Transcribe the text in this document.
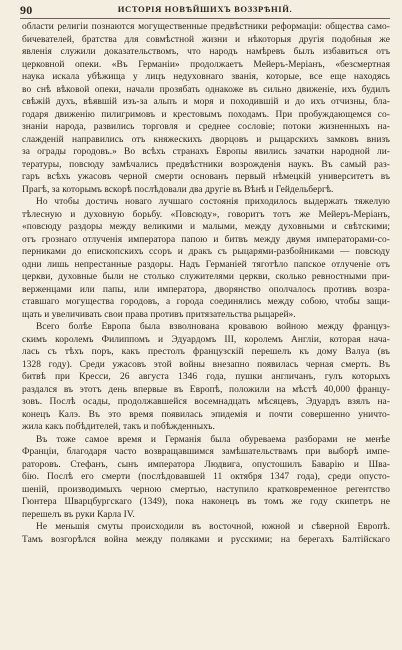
90	ИСТОРІЯ НОВѢЙШИХЪ ВОЗЗРѢНІЙ.

области религіи познаются могущественные предвѣстники реформаціи: общества само-

бичевателей, братства для совмѣстной жизни и нѣкоторыя другія подобныя же

явленія служили доказательствомъ, что народъ намѣревъ былъ избавиться отъ

церковной опеки. «Въ Германіи» продолжаетъ Мейеръ-Меріанъ, «безсмертная

наука искала убѣжища у лицъ недуховнаго званія, которые, все еще находясь

во снѣ вѣковой опеки, начали прозябать однакоже въ сильно движеніе, ихъ будилъ

свѣжій духъ, вѣявшій изъ-за альпъ и моря и походившій и до ихъ отчизны, бла-

годаря движенію пилигримовъ и крестовымъ походамъ. При пробуждающемся со-

знаніи народа, развились торговля и среднее сословіе; потоки жизненныхъ на-

слажденій направились отъ княжескихъ дворцовъ и рыцарскихъ замковъ внизъ

за ограды городовъ.» Во всѣхъ странахъ Европы явились зачатки народной ли-

тературы, повсюду замѣчались предвѣстники возрожденія наукъ. Въ самый раз-

гаръ всѣхъ ужасовъ черной смерти основанъ первый нѣмецкій университетъ въ

Прагѣ, за которымъ вскорѣ послѣдовали два другіе въ Вѣнѣ и Гейдельбергѣ.

Но чтобы достичь новаго лучшаго состоянія приходилось выдержать тяжелую

тѣлесную и духовную борьбу. «Повсюду», говоритъ тотъ же Мейеръ-Меріанъ,

«повсюду раздоры между великими и малыми, между духовными и свѣтскими;

отъ грознаго отлученія императора папою и битвъ между двумя императорами-со-

перниками до епископскихъ ссоръ и дракъ съ рыцарями-разбойниками — повсюду

одни лишь непрестанные раздоры. Надъ Германіей тяготѣло папское отлученіе отъ

церкви, духовные были не столько служителями церкви, сколько ревностными при-

верженцами или папы, или императора, дворянство ополчалось противъ возра-

ставшаго могущества городовъ, а города соединялись между собою, чтобы защи-

щать и увеличивать свои права противъ притязательства рыцарей».

Всего болѣе Европа была взволнована кровавою войною между француз-

скимъ королемъ Филиппомъ и Эдуардомъ III, королемъ Англіи, которая нача-

лась съ тѣхъ поръ, какъ престолъ французскій перешелъ къ дому Валуа (въ

1328 году). Среди ужасовъ этой войны внезапно появилась черная смерть. Въ

битвѣ при Кресси, 26 августа 1346 года, пушки англичанъ, гулъ которыхъ

раздался въ этотъ день впервые въ Европѣ, положили на мѣстѣ 40,000 францу-

зовъ. Послѣ осады, продолжавшейся восемнадцать мѣсяцевъ, Эдуардъ взялъ на-

конецъ Калэ. Въ это время появилась эпидемія и почти совершенно уничто-

жила какъ побѣдителей, такъ и побѣжденныхъ.

Въ тоже самое время и Германія была обуреваема разборами не менѣе

Франціи, благодаря часто возвращавшимся замѣшательствамъ при выборѣ импе-

раторовъ. Стефанъ, сынъ императора Людвига, опустошилъ Баварію и Шва-

бію. Послѣ его смерти (послѣдовавшей 11 октября 1347 года), среди опусто-

шеній, производимыхъ черною смертью, наступило кратковременное регентство

Гюнтера Шварцбургскаго (1349), пока наконецъ въ томъ же году скипетръ не

перешелъ въ руки Карла IV.

Не меньшія смуты происходили въ восточной, южной и сѣверной Европѣ.

Тамъ возгорѣлся война между поляками и русскими; на берегахъ Балтійскаго
